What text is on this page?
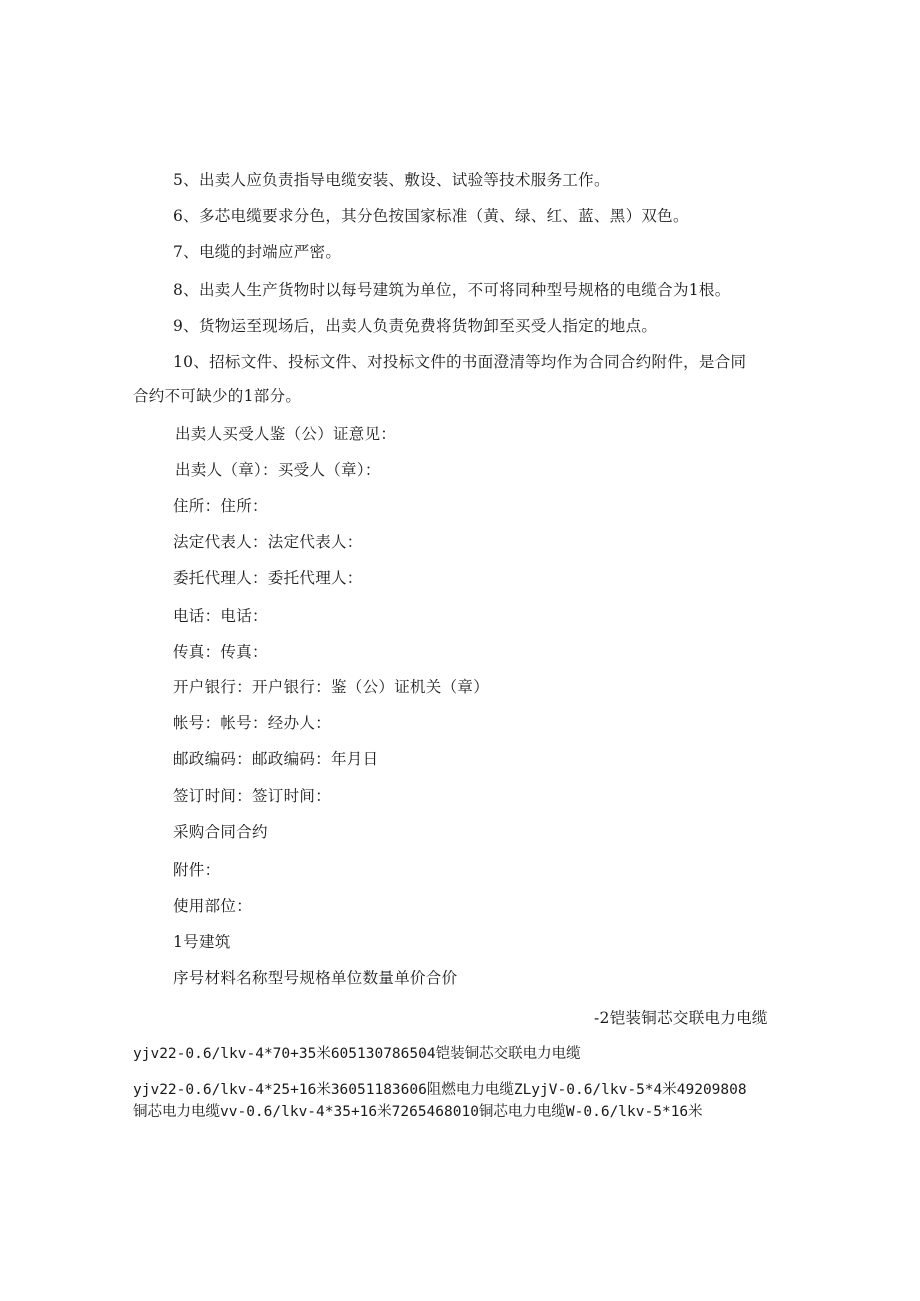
5、出卖人应负责指导电缆安装、敷设、试验等技术服务工作。
6、多芯电缆要求分色，其分色按国家标准（黄、绿、红、蓝、黑）双色。
7、电缆的封端应严密。
8、出卖人生产货物时以每号建筑为单位，不可将同种型号规格的电缆合为1根。
9、货物运至现场后，出卖人负责免费将货物卸至买受人指定的地点。
10、招标文件、投标文件、对投标文件的书面澄清等均作为合同合约附件，是合同
合约不可缺少的1部分。
出卖人买受人鉴（公）证意见：
出卖人（章）：买受人（章）：
住所：住所：
法定代表人：法定代表人：
委托代理人：委托代理人：
电话：电话：
传真：传真：
开户银行：开户银行：鉴（公）证机关（章）
帐号：帐号：经办人：
邮政编码：邮政编码：年月日
签订时间：签订时间：
采购合同合约
附件：
使用部位：
1号建筑
序号材料名称型号规格单位数量单价合价
-2铠装铜芯交联电力电缆
yjv22-0.6/lkv-4*70+35米605130786504铠装铜芯交联电力电缆
yjv22-0.6/lkv-4*25+16米36051183606阻燃电力电缆ZLyjV-0.6/lkv-5*4米49209808
铜芯电力电缆vv-0.6/lkv-4*35+16米7265468010铜芯电力电缆W-0.6/lkv-5*16米
